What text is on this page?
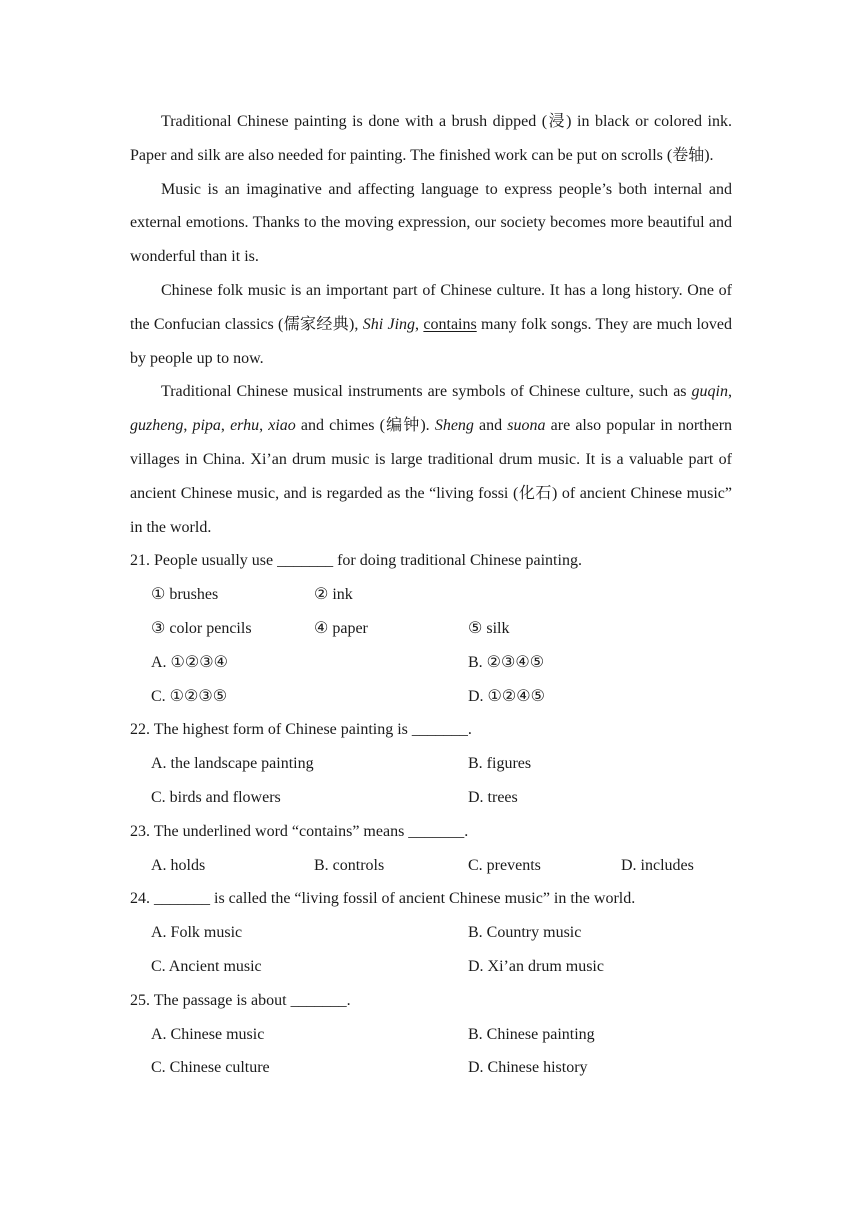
Traditional Chinese painting is done with a brush dipped (浸) in black or colored ink. Paper and silk are also needed for painting. The finished work can be put on scrolls (卷轴).

Music is an imaginative and affecting language to express people’s both internal and external emotions. Thanks to the moving expression, our society becomes more beautiful and wonderful than it is.

Chinese folk music is an important part of Chinese culture. It has a long history. One of the Confucian classics (儒家经典), Shi Jing, contains many folk songs. They are much loved by people up to now.

Traditional Chinese musical instruments are symbols of Chinese culture, such as guqin, guzheng, pipa, erhu, xiao and chimes (编钟). Sheng and suona are also popular in northern villages in China. Xi’an drum music is large traditional drum music. It is a valuable part of ancient Chinese music, and is regarded as the “living fossi (化石) of ancient Chinese music” in the world.

21. People usually use _______ for doing traditional Chinese painting.

① brushes	② ink
③ color pencils	④ paper	⑤ silk
A. ①②③④	B. ②③④⑤
C. ①②③⑤	D. ①②④⑤

22. The highest form of Chinese painting is _______.

A. the landscape painting	B. figures
C. birds and flowers	D. trees

23. The underlined word “contains” means _______.

A. holds	B. controls	C. prevents	D. includes

24. _______ is called the “living fossil of ancient Chinese music” in the world.

A. Folk music	B. Country music
C. Ancient music	D. Xi’an drum music

25. The passage is about _______.

A. Chinese music	B. Chinese painting
C. Chinese culture	D. Chinese history
